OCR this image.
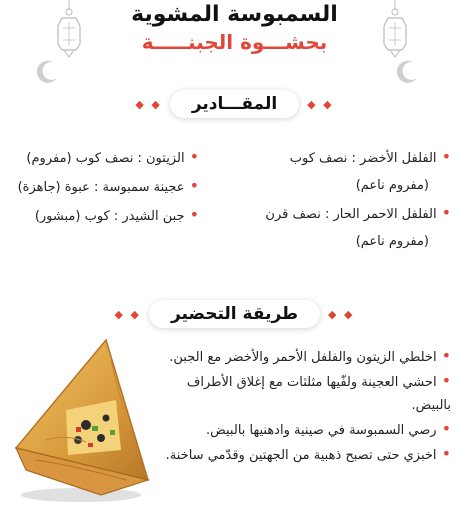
السمبوسة المشوية
بحشـــوة الجبنـــــة
◆ ◆	المقـــادير	◆ ◆
•الفلفل الأخضر : نصف كوب
(مفروم ناعم)
•الفلفل الاحمر الحار : نصف قرن
(مفروم ناعم)
•الزيتون : نصف كوب (مفروم)
•عجينة سمبوسة : عبوة (جاهزة)
•جبن الشيدر : كوب (مبشور)
◆ ◆	طريقة التحضير	◆ ◆
•اخلطي الزيتون والفلفل الأحمر والأخضر مع الجبن.
•احشي العجينة ولفّيها مثلثات مع إغلاق الأطراف بالبيض.
•رصي السمبوسة في صينية وادهنيها بالبيض.
•اخبزي حتى تصبح ذهبية من الجهتين وقدّمي ساخنة.
